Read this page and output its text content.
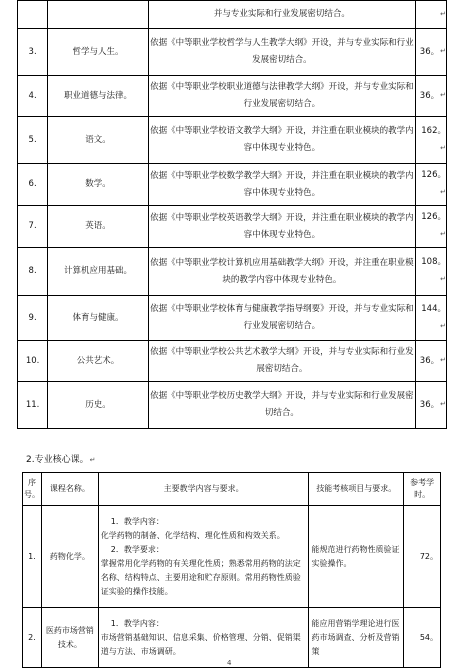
		并与专业实际和行业发展密切结合。	↵
3.	哲学与人生。	依据《中等职业学校哲学与人生教学大纲》开设，并与专业实际和行业发展密切结合。	36。↵
4.	职业道德与法律。	依据《中等职业学校职业道德与法律教学大纲》开设，并与专业实际和行业发展密切结合。	36。↵
5.	语文。	依据《中等职业学校语文教学大纲》开设，并注重在职业模块的教学内容中体现专业特色。	162。↵
6.	数学。	依据《中等职业学校数学教学大纲》开设，并注重在职业模块的教学内容中体现专业特色。	126。↵
7.	英语。	依据《中等职业学校英语教学大纲》开设，并注重在职业模块的教学内容中体现专业特色。	126。↵
8.	计算机应用基础。	依据《中等职业学校计算机应用基础教学大纲》开设，并注重在职业模块的教学内容中体现专业特色。	108。↵
9.	体育与健康。	依据《中等职业学校体育与健康教学指导纲要》开设，并与专业实际和行业发展密切结合。	144。↵
10.	公共艺术。	依据《中等职业学校公共艺术教学大纲》开设，并与专业实际和行业发展密切结合。	36。↵
11.	历史。	依据《中等职业学校历史教学大纲》开设，并与专业实际和行业发展密切结合。	36。↵
2.专业核心课。↵
序号。	课程名称。	主要教学内容与要求。	技能考核项目与要求。	参考学时。
1.	药物化学。	1．教学内容：
化学药物的制备、化学结构、理化性质和构效关系。
2．教学要求：
掌握常用化学药物的有关理化性质；熟悉常用药物的法定名称、结构特点、主要用途和贮存原则。常用药物性质验证实验的操作技能。	能规范进行药物性质验证实验操作。	72。
2.	医药市场营销技术。	1．教学内容：
市场营销基础知识、信息采集、价格管理、分销、促销渠道与方法、市场调研。	能应用营销学理论进行医药市场调查、分析及营销策	54。
4
